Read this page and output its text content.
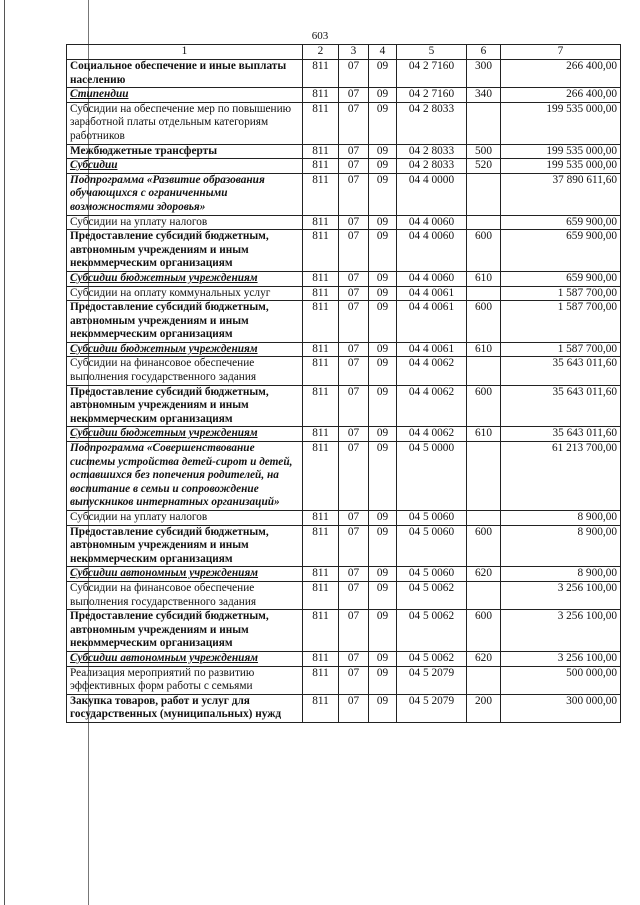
603
1	2	3	4	5	6	7
Социальное обеспечение и иные выплаты населению	811	07	09	04 2 7160	300	266 400,00
Стипендии	811	07	09	04 2 7160	340	266 400,00
Субсидии на обеспечение мер по повышению заработной платы отдельным категориям работников	811	07	09	04 2 8033		199 535 000,00
Межбюджетные трансферты	811	07	09	04 2 8033	500	199 535 000,00
Субсидии	811	07	09	04 2 8033	520	199 535 000,00
Подпрограмма «Развитие образования обучающихся с ограниченными возможностями здоровья»	811	07	09	04 4 0000		37 890 611,60
Субсидии на уплату налогов	811	07	09	04 4 0060		659 900,00
Предоставление субсидий бюджетным, автономным учреждениям и иным некоммерческим организациям	811	07	09	04 4 0060	600	659 900,00
Субсидии бюджетным учреждениям	811	07	09	04 4 0060	610	659 900,00
Субсидии на оплату коммунальных услуг	811	07	09	04 4 0061		1 587 700,00
Предоставление субсидий бюджетным, автономным учреждениям и иным некоммерческим организациям	811	07	09	04 4 0061	600	1 587 700,00
Субсидии бюджетным учреждениям	811	07	09	04 4 0061	610	1 587 700,00
Субсидии на финансовое обеспечение выполнения государственного задания	811	07	09	04 4 0062		35 643 011,60
Предоставление субсидий бюджетным, автономным учреждениям и иным некоммерческим организациям	811	07	09	04 4 0062	600	35 643 011,60
Субсидии бюджетным учреждениям	811	07	09	04 4 0062	610	35 643 011,60
Подпрограмма «Совершенствование системы устройства детей-сирот и детей, оставшихся без попечения родителей, на воспитание в семьи и сопровождение выпускников интернатных организаций»	811	07	09	04 5 0000		61 213 700,00
Субсидии на уплату налогов	811	07	09	04 5 0060		8 900,00
Предоставление субсидий бюджетным, автономным учреждениям и иным некоммерческим организациям	811	07	09	04 5 0060	600	8 900,00
Субсидии автономным учреждениям	811	07	09	04 5 0060	620	8 900,00
Субсидии на финансовое обеспечение выполнения государственного задания	811	07	09	04 5 0062		3 256 100,00
Предоставление субсидий бюджетным, автономным учреждениям и иным некоммерческим организациям	811	07	09	04 5 0062	600	3 256 100,00
Субсидии автономным учреждениям	811	07	09	04 5 0062	620	3 256 100,00
Реализация мероприятий по развитию эффективных форм работы с семьями	811	07	09	04 5 2079		500 000,00
Закупка товаров, работ и услуг для государственных (муниципальных) нужд	811	07	09	04 5 2079	200	300 000,00
